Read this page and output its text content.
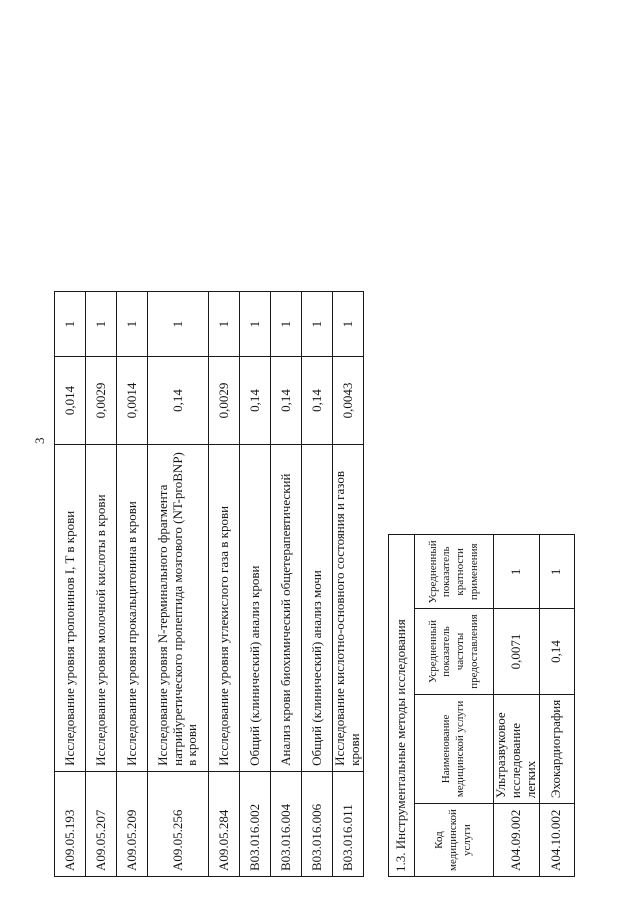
3
A09.05.193	Исследование уровня тропонинов I, T в крови	0,014	1
A09.05.207	Исследование уровня молочной кислоты в крови	0,0029	1
A09.05.209	Исследование уровня прокальцитонина в крови	0,0014	1
A09.05.256	Исследование уровня N-терминального фрагмента натрийуретического пропептида мозгового (NT-proBNP) в крови	0,14	1
A09.05.284	Исследование уровня углекислого газа в крови	0,0029	1
B03.016.002	Общий (клинический) анализ крови	0,14	1
B03.016.004	Анализ крови биохимический общетерапевтический	0,14	1
B03.016.006	Общий (клинический) анализ мочи	0,14	1
B03.016.011	Исследование кислотно-основного состояния и газов крови	0,0043	1
1.3. Инструментальные методы исследования			
Код медицинской услуги	Наименование медицинской услуги	Усредненный показатель частоты предоставления	Усредненный показатель кратности применения
A04.09.002	Ультразвуковое исследование легких	0,0071	1
A04.10.002	Эхокардиография	0,14	1
